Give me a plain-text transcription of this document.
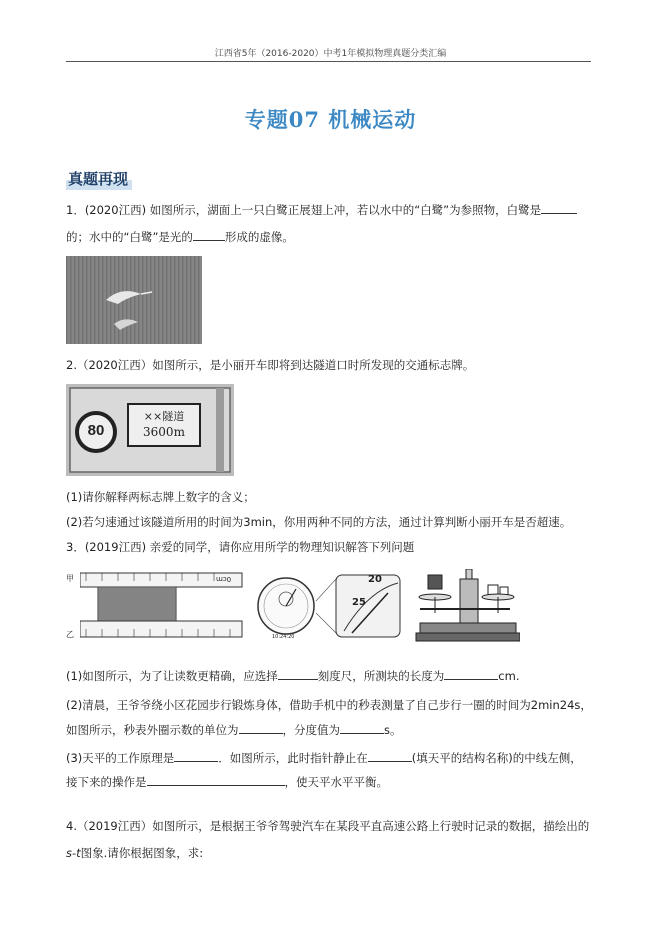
江西省5年（2016-2020）中考1年模拟物理真题分类汇编
专题07 机械运动
真题再现
1．(2020江西) 如图所示，湖面上一只白鹭正展翅上冲，若以水中的“白鹭”为参照物，白鹭是
的；水中的“白鹭”是光的	形成的虚像。
2.（2020江西）如图所示，是小丽开车即将到达隧道口时所发现的交通标志牌。
80
××隧道
3600m
(1)请你解释两标志牌上数字的含义；
(2)若匀速通过该隧道所用的时间为3min，你用两种不同的方法，通过计算判断小丽开车是否超速。
3．(2019江西) 亲爱的同学，请你应用所学的物理知识解答下列问题
甲
乙
0cm	20
25
10:24:20
(1)如图所示，为了让读数更精确，应选择	刻度尺，所测块的长度为	cm.
(2)清晨，王爷爷绕小区花园步行锻炼身体，借助手机中的秒表测量了自己步行一圈的时间为2min24s，
如图所示，秒表外圈示数的单位为	，分度值为	s。
(3)天平的工作原理是	．如图所示，此时指针静止在	(填天平的结构名称)的中线左侧，
接下来的操作是	，使天平水平平衡。
4.（2019江西）如图所示，是根据王爷爷驾驶汽车在某段平直高速公路上行驶时记录的数据，描绘出的
s-t图象.请你根据图象，求:
